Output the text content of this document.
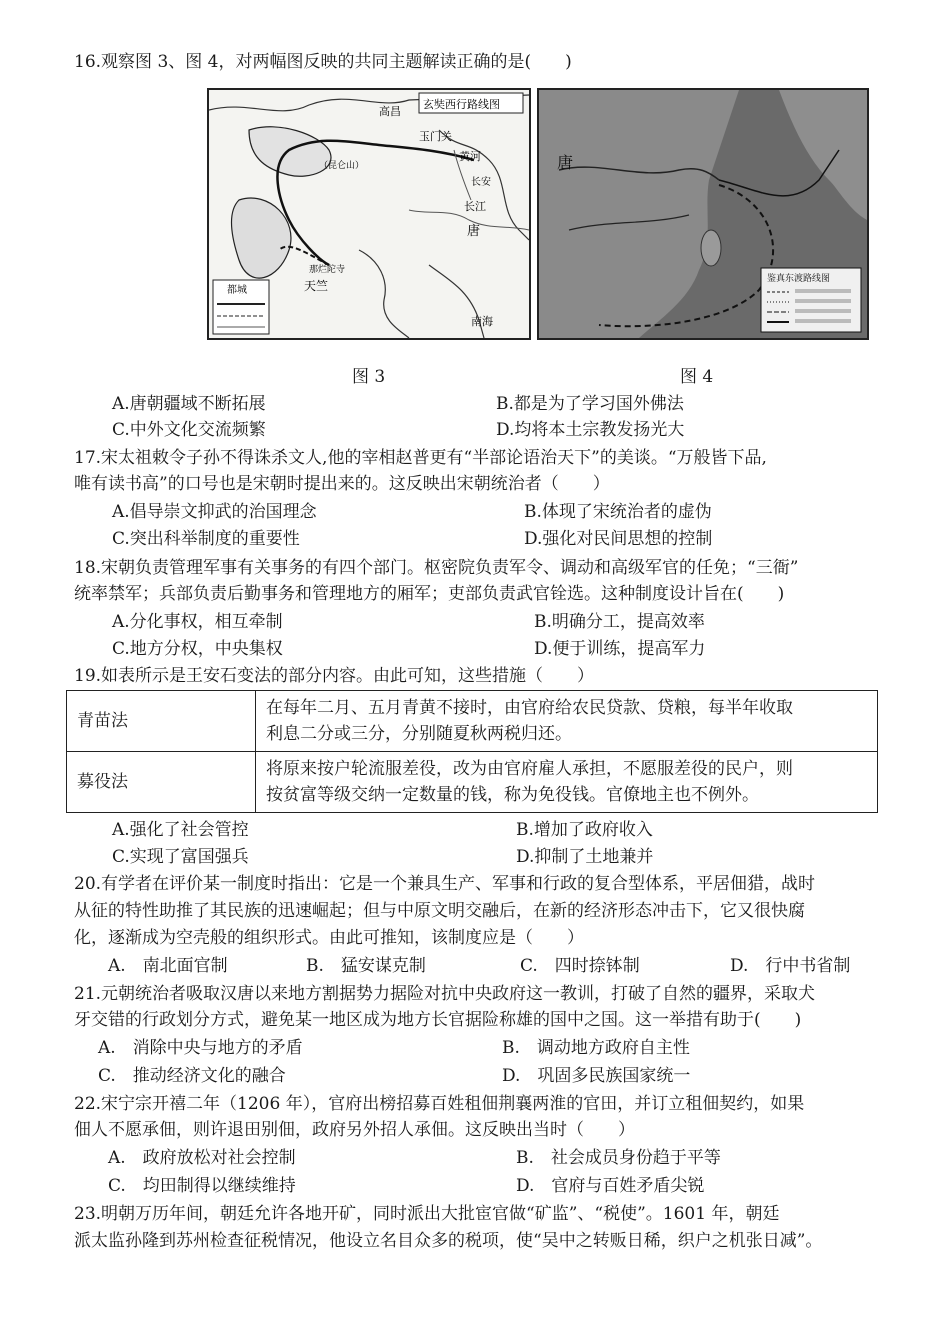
16.观察图 3、图 4，对两幅图反映的共同主题解读正确的是(　　)
玄奘西行路线图
高昌
玉门关
长安
黄河
长江
唐
南海
天竺
那烂陀寺
（昆仑山）
都城
唐
鉴真东渡路线图
图 3	图 4
A.唐朝疆域不断拓展	B.都是为了学习国外佛法
C.中外文化交流频繁	D.均将本土宗教发扬光大
17.宋太祖敕令子孙不得诛杀文人,他的宰相赵普更有“半部论语治天下”的美谈。“万般皆下品,
唯有读书高”的口号也是宋朝时提出来的。这反映出宋朝统治者（　　）
A.倡导崇文抑武的治国理念	B.体现了宋统治者的虚伪
C.突出科举制度的重要性	D.强化对民间思想的控制
18.宋朝负责管理军事有关事务的有四个部门。枢密院负责军令、调动和高级军官的任免；“三衙”
统率禁军；兵部负责后勤事务和管理地方的厢军；吏部负责武官铨选。这种制度设计旨在(　　)
A.分化事权，相互牵制	B.明确分工，提高效率
C.地方分权，中央集权	D.便于训练，提高军力
19.如表所示是王安石变法的部分内容。由此可知，这些措施（　　）
青苗法	在每年二月、五月青黄不接时，由官府给农民贷款、贷粮，每半年收取
利息二分或三分，分别随夏秋两税归还。

募役法	将原来按户轮流服差役，改为由官府雇人承担，不愿服差役的民户，则
按贫富等级交纳一定数量的钱，称为免役钱。官僚地主也不例外。
A.强化了社会管控	B.增加了政府收入
C.实现了富国强兵	D.抑制了土地兼并
20.有学者在评价某一制度时指出：它是一个兼具生产、军事和行政的复合型体系，平居佃猎，战时
从征的特性助推了其民族的迅速崛起；但与中原文明交融后，在新的经济形态冲击下，它又很快腐
化，逐渐成为空壳般的组织形式。由此可推知，该制度应是（　　）
A.　南北面官制	B.　猛安谋克制	C.　四时捺钵制	D.　行中书省制
21.元朝统治者吸取汉唐以来地方割据势力据险对抗中央政府这一教训，打破了自然的疆界，采取犬
牙交错的行政划分方式，避免某一地区成为地方长官据险称雄的国中之国。这一举措有助于(　　)
A.　消除中央与地方的矛盾	B.　调动地方政府自主性
C.　推动经济文化的融合	D.　巩固多民族国家统一
22.宋宁宗开禧二年（1206 年），官府出榜招募百姓租佃荆襄两淮的官田，并订立租佃契约，如果
佃人不愿承佃，则许退田别佃，政府另外招人承佃。这反映出当时（　　）
A.　政府放松对社会控制	B.　社会成员身份趋于平等
C.　均田制得以继续维持	D.　官府与百姓矛盾尖锐
23.明朝万历年间，朝廷允许各地开矿，同时派出大批宦官做“矿监”、“税使”。1601 年，朝廷
派太监孙隆到苏州检查征税情况，他设立名目众多的税项，使“吴中之转贩日稀，织户之机张日减”。
